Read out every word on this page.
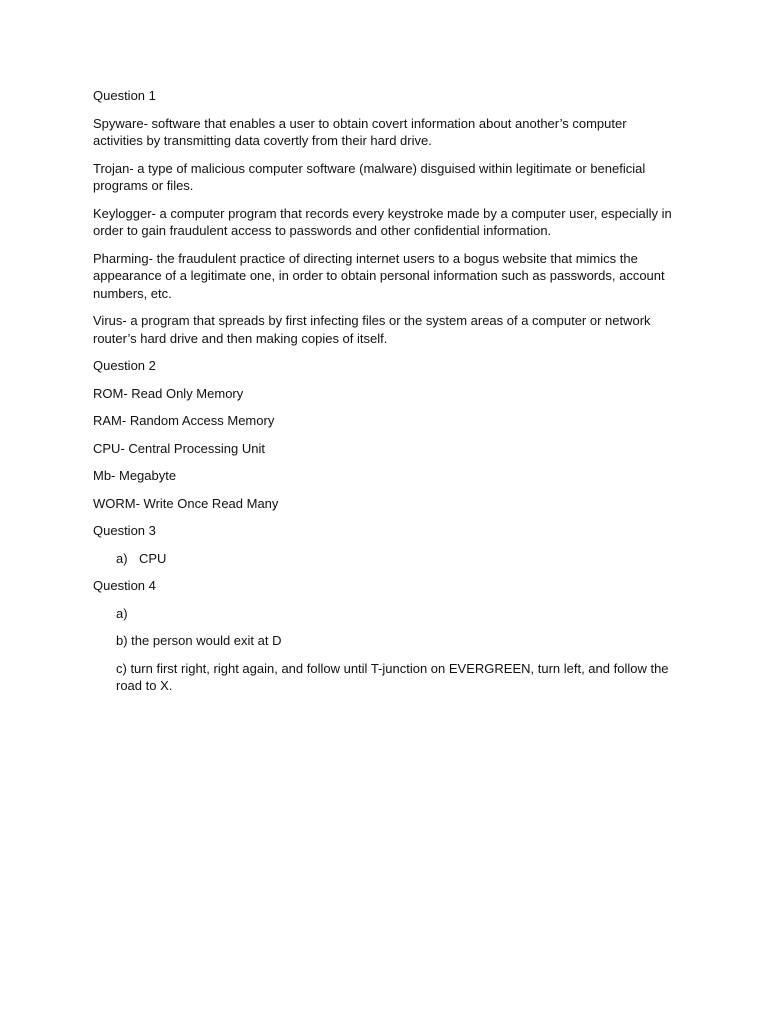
Question 1

Spyware- software that enables a user to obtain covert information about another’s computer activities by transmitting data covertly from their hard drive.

Trojan- a type of malicious computer software (malware) disguised within legitimate or beneficial programs or files.

Keylogger- a computer program that records every keystroke made by a computer user, especially in order to gain fraudulent access to passwords and other confidential information.

Pharming- the fraudulent practice of directing internet users to a bogus website that mimics the appearance of a legitimate one, in order to obtain personal information such as passwords, account numbers, etc.

Virus- a program that spreads by first infecting files or the system areas of a computer or network router’s hard drive and then making copies of itself.

Question 2

ROM- Read Only Memory

RAM- Random Access Memory

CPU- Central Processing Unit

Mb- Megabyte

WORM- Write Once Read Many

Question 3

a) CPU

Question 4

a)

b) the person would exit at D

c) turn first right, right again, and follow until T-junction on EVERGREEN, turn left, and follow the road to X.
